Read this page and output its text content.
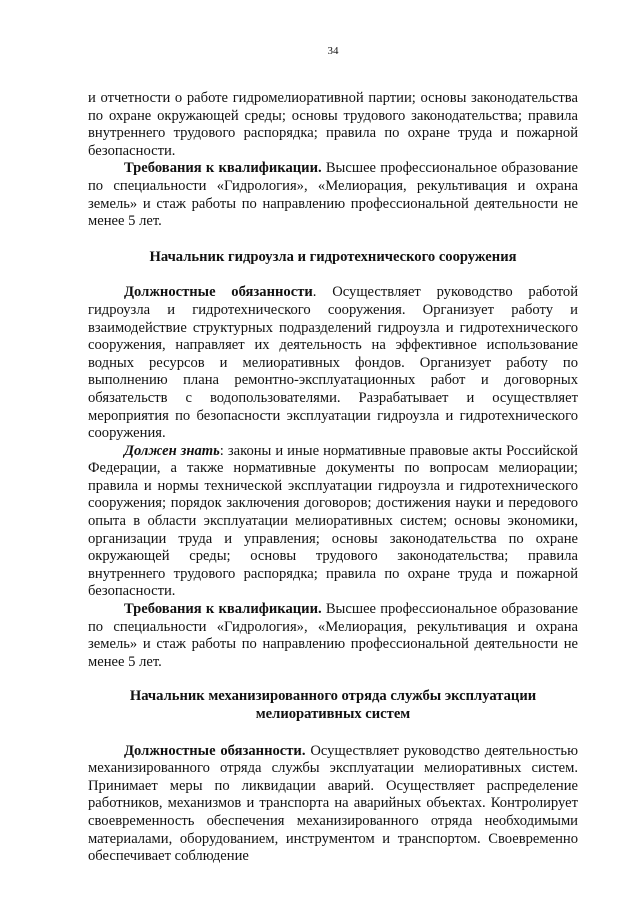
34

и отчетности о работе гидромелиоративной партии; основы законодательства по охране окружающей среды; основы трудового законодательства; правила внутреннего трудового распорядка; правила по охране труда и пожарной безопасности.

Требования к квалификации. Высшее профессиональное образование по специальности «Гидрология», «Мелиорация, рекультивация и охрана земель» и стаж работы по направлению профессиональной деятельности не менее 5 лет.

Начальник гидроузла и гидротехнического сооружения

Должностные обязанности. Осуществляет руководство работой гидроузла и гидротехнического сооружения. Организует работу и взаимодействие структурных подразделений гидроузла и гидротехнического сооружения, направляет их деятельность на эффективное использование водных ресурсов и мелиоративных фондов. Организует работу по выполнению плана ремонтно-эксплуатационных работ и договорных обязательств с водопользователями. Разрабатывает и осуществляет мероприятия по безопасности эксплуатации гидроузла и гидротехнического сооружения.

Должен знать: законы и иные нормативные правовые акты Российской Федерации, а также нормативные документы по вопросам мелиорации; правила и нормы технической эксплуатации гидроузла и гидротехнического сооружения; порядок заключения договоров; достижения науки и передового опыта в области эксплуатации мелиоративных систем; основы экономики, организации труда и управления; основы законодательства по охране окружающей среды; основы трудового законодательства; правила внутреннего трудового распорядка; правила по охране труда и пожарной безопасности.

Требования к квалификации. Высшее профессиональное образование по специальности «Гидрология», «Мелиорация, рекультивация и охрана земель» и стаж работы по направлению профессиональной деятельности не менее 5 лет.

Начальник механизированного отряда службы эксплуатации
мелиоративных систем

Должностные обязанности. Осуществляет руководство деятельностью механизированного отряда службы эксплуатации мелиоративных систем. Принимает меры по ликвидации аварий. Осуществляет распределение работников, механизмов и транспорта на аварийных объектах. Контролирует своевременность обеспечения механизированного отряда необходимыми материалами, оборудованием, инструментом и транспортом. Своевременно обеспечивает соблюдение
